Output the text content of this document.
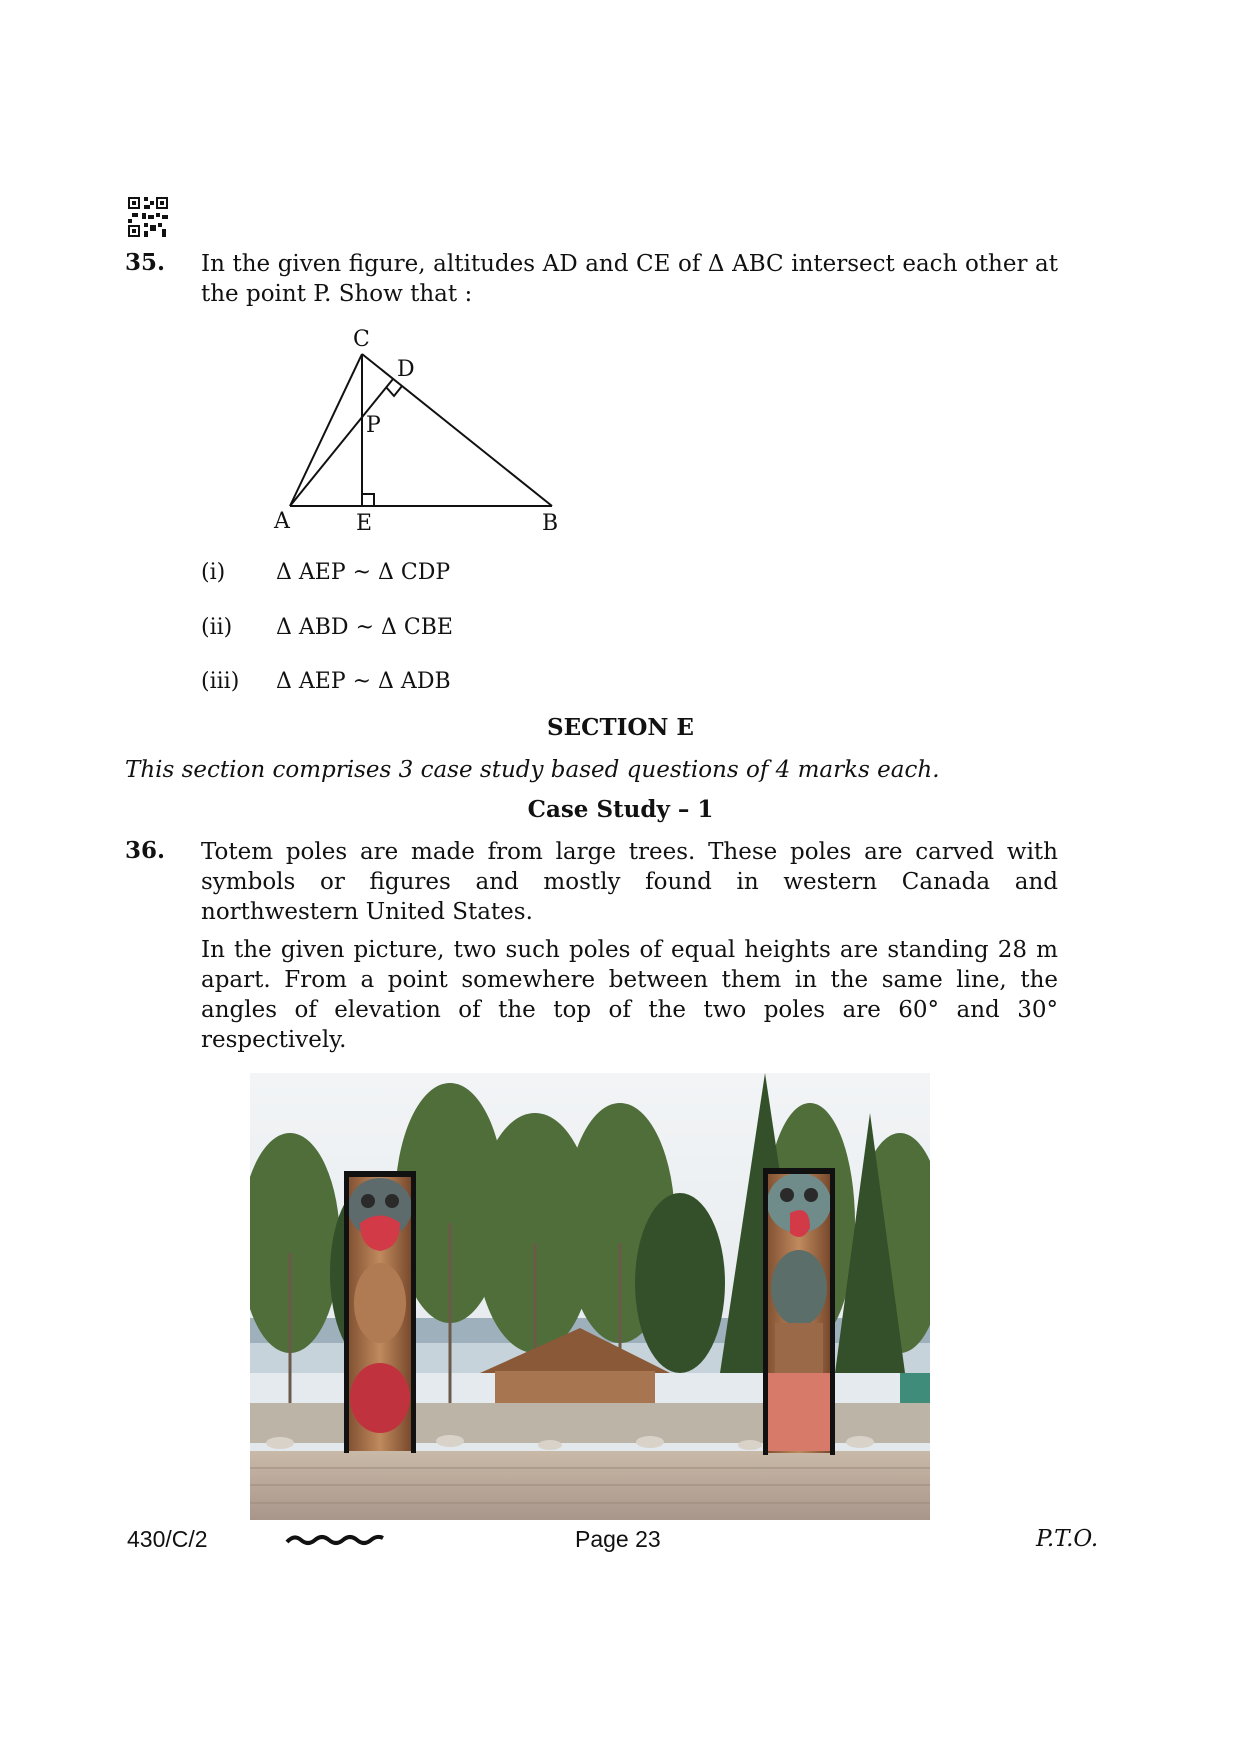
35. In the given figure, altitudes AD and CE of Δ ABC intersect each other at the point P. Show that :
C
D
P
A	E	B
(i) Δ AEP ~ Δ CDP
(ii) Δ ABD ~ Δ CBE
(iii) Δ AEP ~ Δ ADB
SECTION E
This section comprises 3 case study based questions of 4 marks each.
Case Study – 1
36. Totem poles are made from large trees. These poles are carved with symbols or figures and mostly found in western Canada and northwestern United States.
In the given picture, two such poles of equal heights are standing 28 m apart. From a point somewhere between them in the same line, the angles of elevation of the top of the two poles are 60° and 30° respectively.
430/C/2	Page 23	P.T.O.
